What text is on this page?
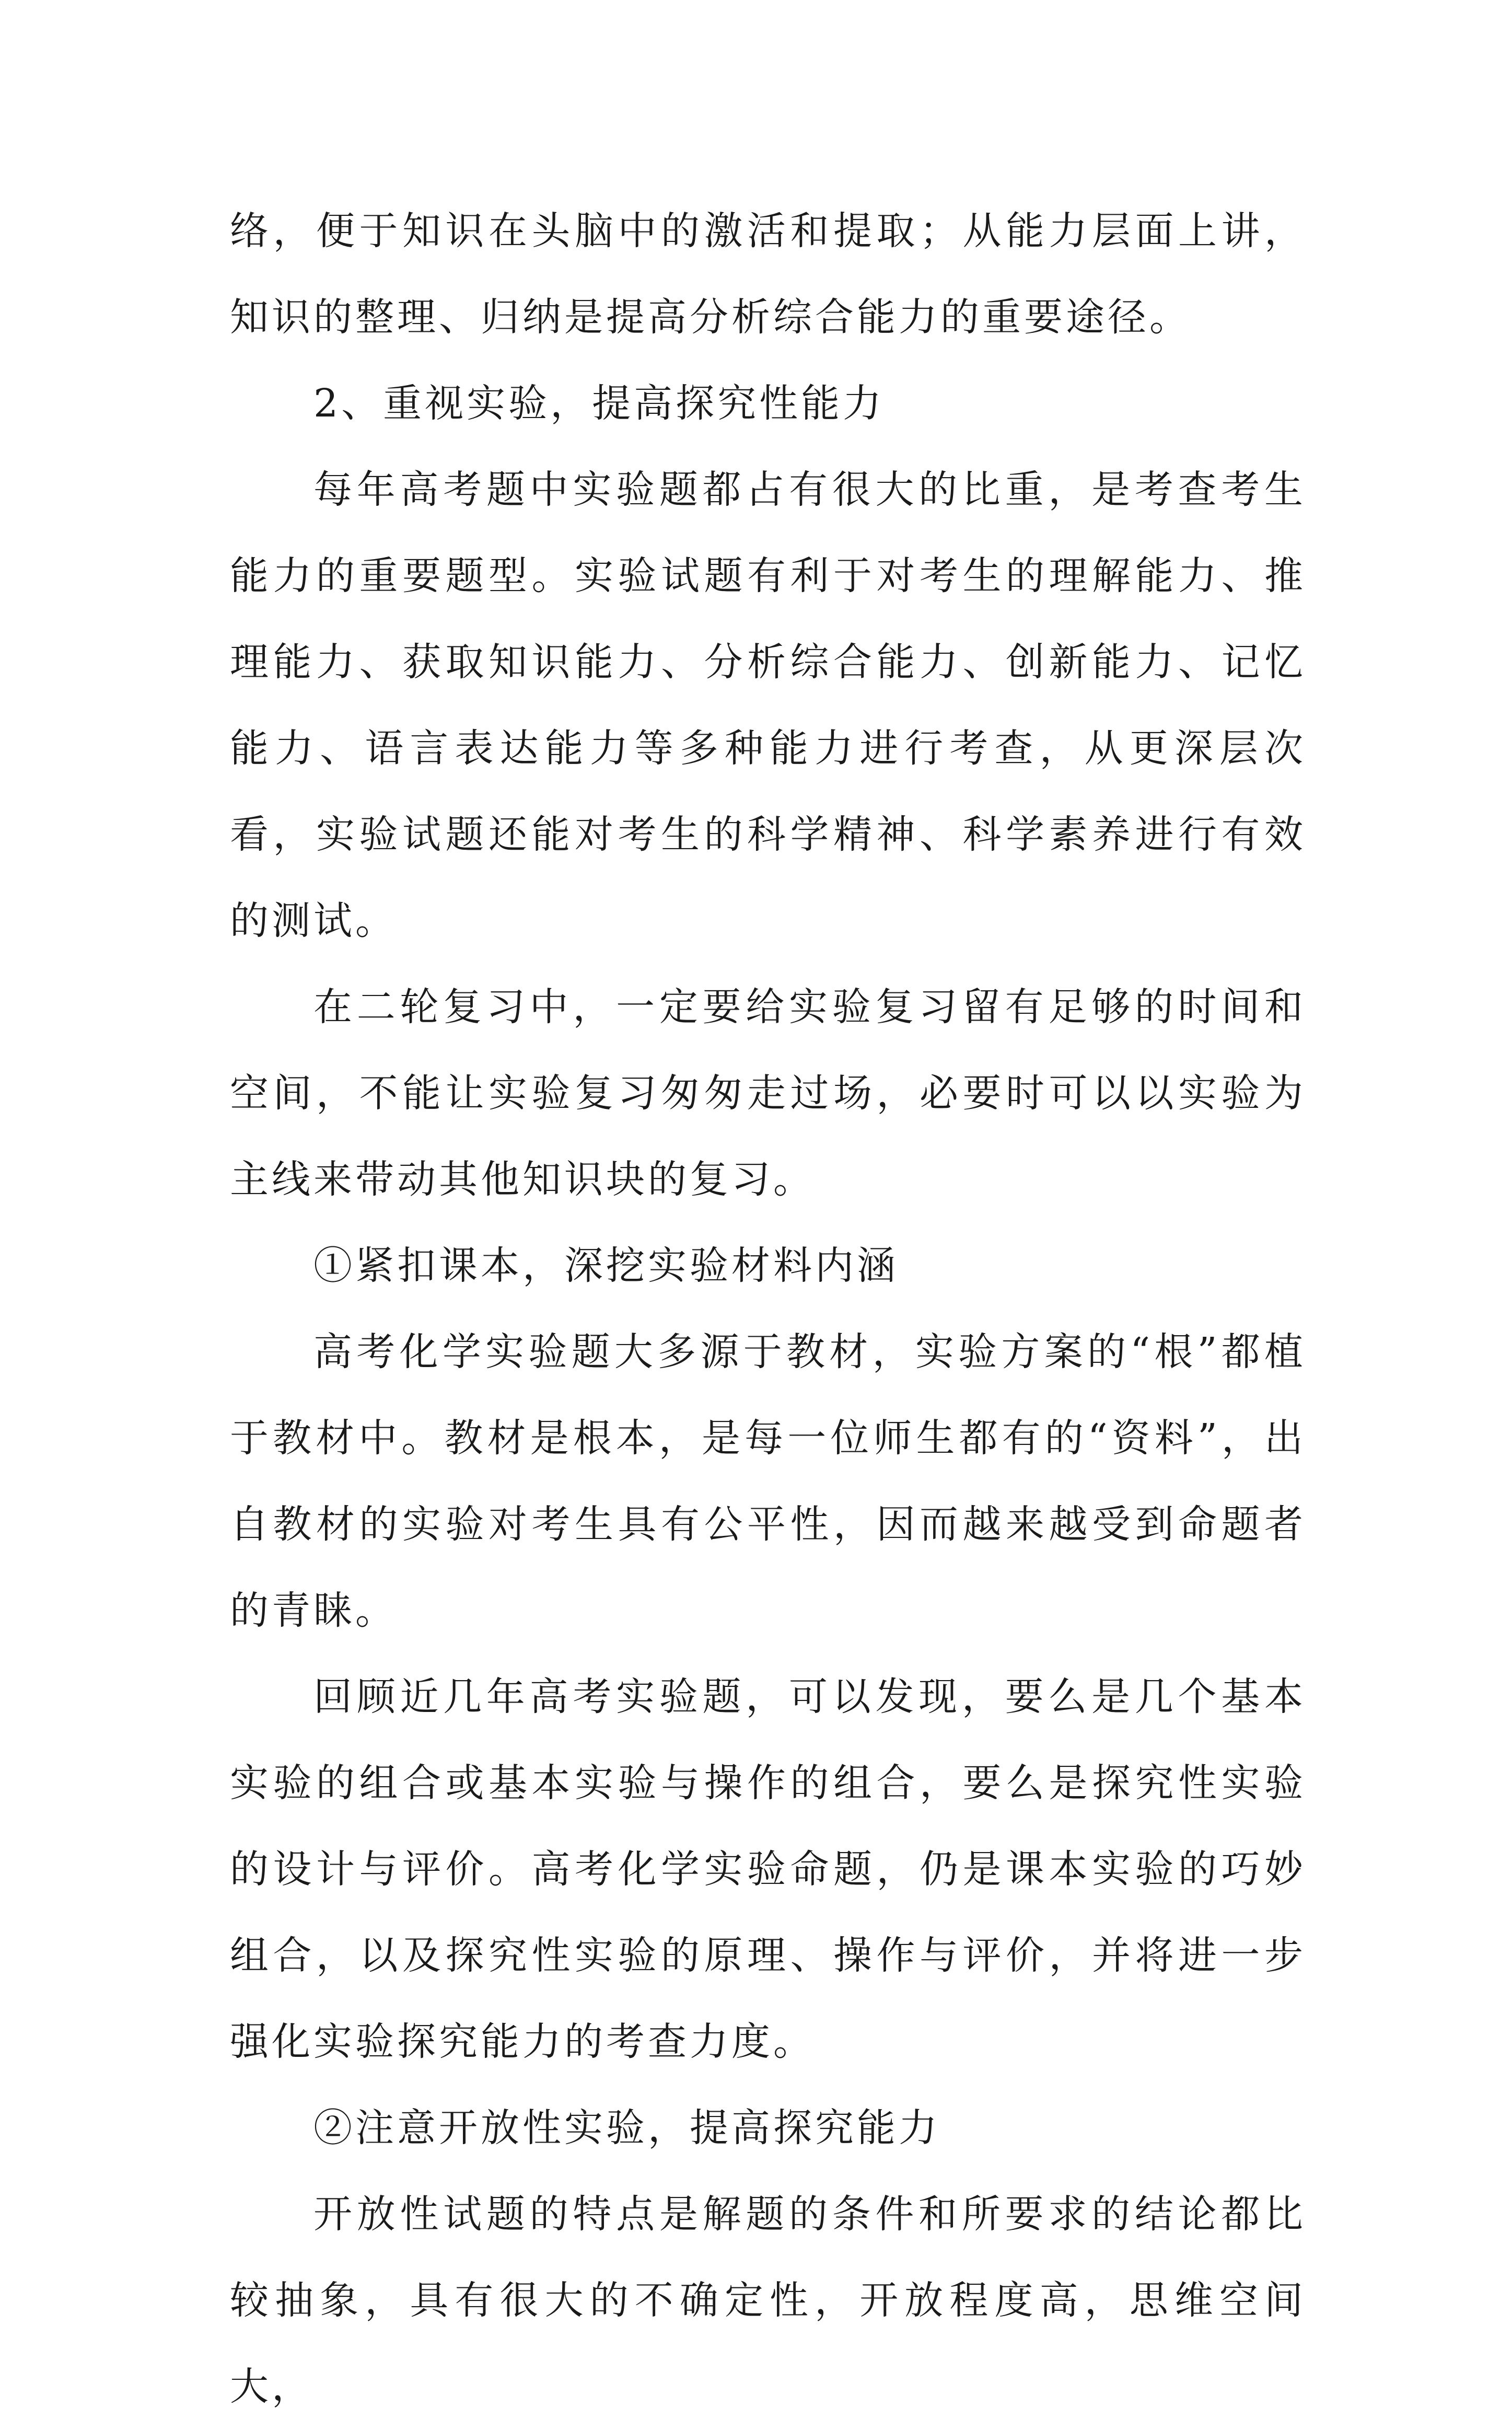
络，便于知识在头脑中的激活和提取；从能力层面上讲，知识的整理、归纳是提高分析综合能力的重要途径。

2、重视实验，提高探究性能力

每年高考题中实验题都占有很大的比重，是考查考生能力的重要题型。实验试题有利于对考生的理解能力、推理能力、获取知识能力、分析综合能力、创新能力、记忆能力、语言表达能力等多种能力进行考查，从更深层次看，实验试题还能对考生的科学精神、科学素养进行有效的测试。

在二轮复习中，一定要给实验复习留有足够的时间和空间，不能让实验复习匆匆走过场，必要时可以以实验为主线来带动其他知识块的复习。

①紧扣课本，深挖实验材料内涵

高考化学实验题大多源于教材，实验方案的“根”都植于教材中。教材是根本，是每一位师生都有的“资料”，出自教材的实验对考生具有公平性，因而越来越受到命题者的青睐。

回顾近几年高考实验题，可以发现，要么是几个基本实验的组合或基本实验与操作的组合，要么是探究性实验的设计与评价。高考化学实验命题，仍是课本实验的巧妙组合，以及探究性实验的原理、操作与评价，并将进一步强化实验探究能力的考查力度。

②注意开放性实验，提高探究能力

开放性试题的特点是解题的条件和所要求的结论都比较抽象，具有很大的不确定性，开放程度高，思维空间大，
